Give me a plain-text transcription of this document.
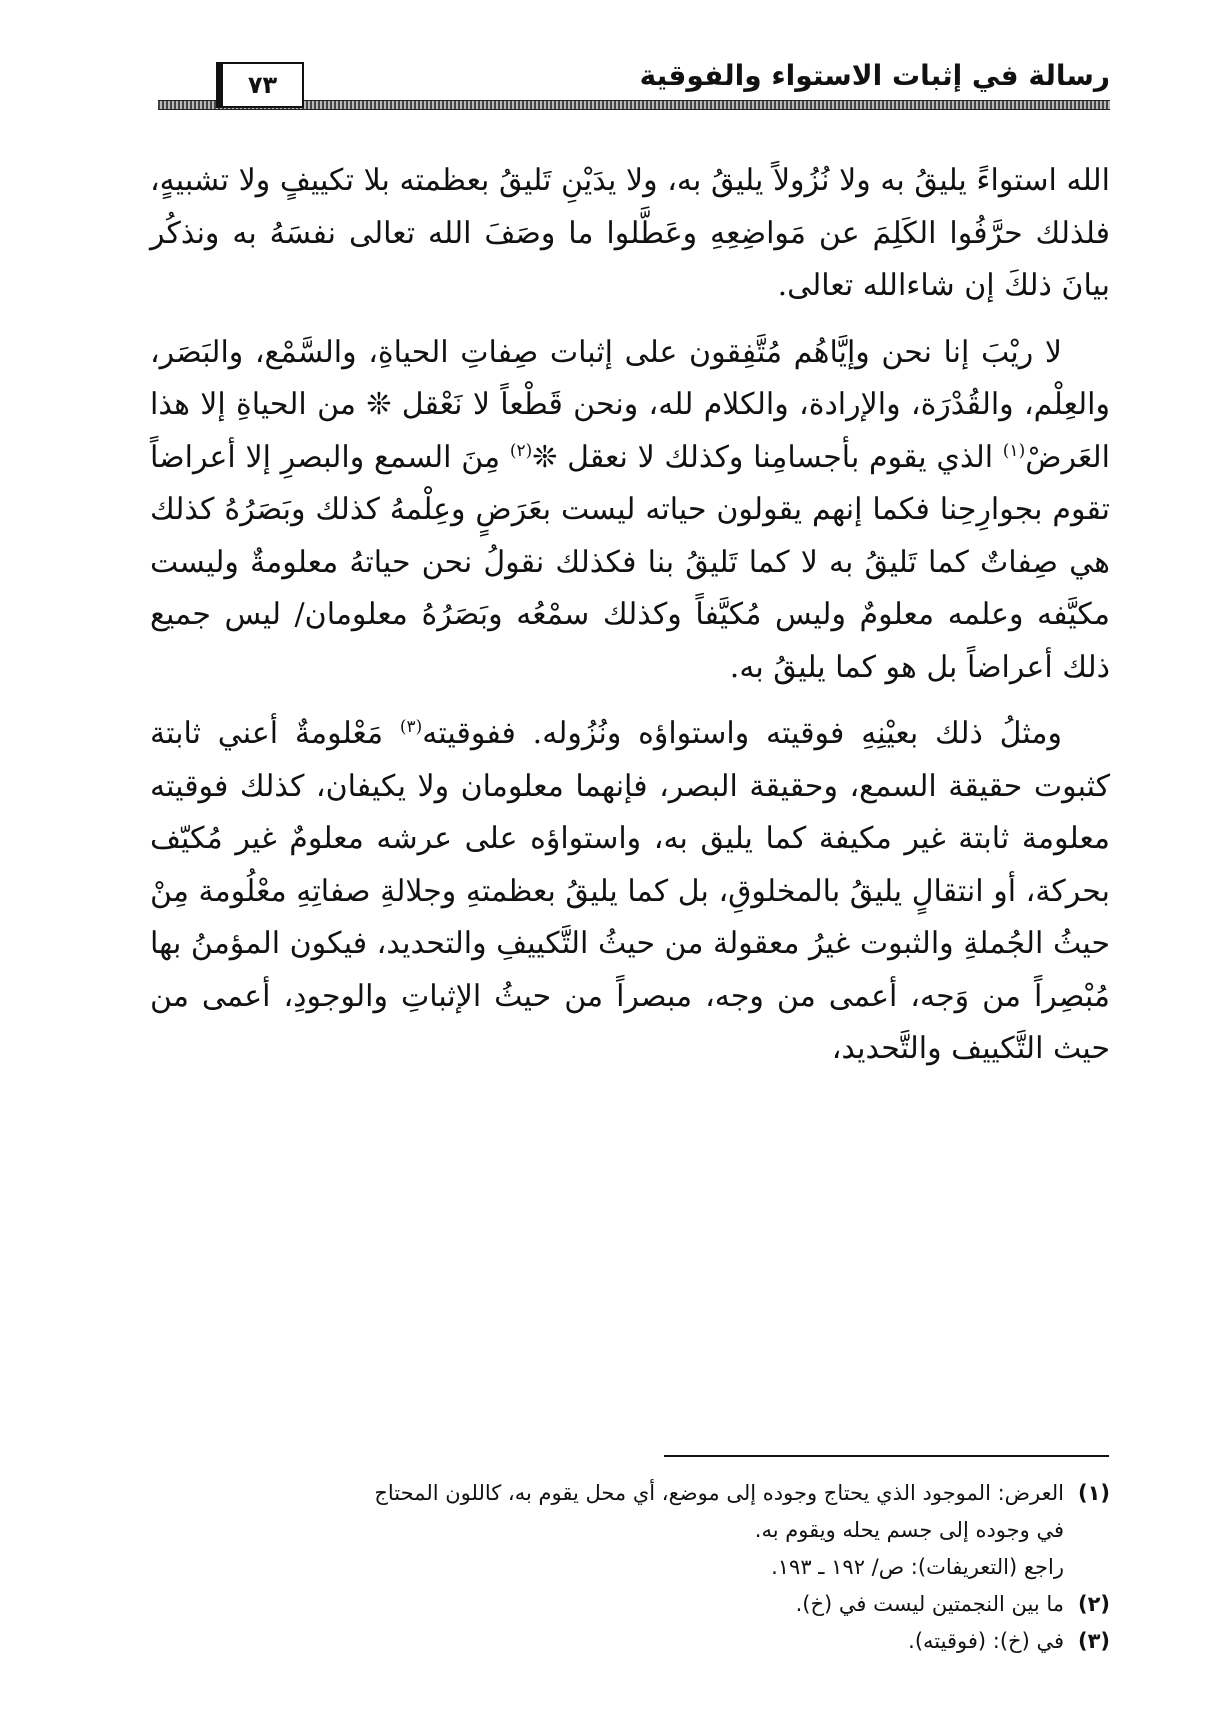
رسالة في إثبات الاستواء والفوقية
٧٣

الله استواءً يليقُ به ولا نُزُولاً يليقُ به، ولا يدَيْنِ تَليقُ بعظمته بلا تكييفٍ ولا تشبيهٍ، فلذلك حرَّفُوا الكَلِمَ عن مَواضِعِهِ وعَطَّلوا ما وصَفَ الله تعالى نفسَهُ به ونذكُر بيانَ ذلكَ إن شاءالله تعالى.

لا ريْبَ إنا نحن وإيَّاهُم مُتَّفِقون على إثبات صِفاتِ الحياةِ، والسَّمْع، والبَصَر، والعِلْم، والقُدْرَة، والإرادة، والكلام لله، ونحن قَطْعاً لا نَعْقل ❊ من الحياةِ إلا هذا العَرضْ$^{(١)}$ الذي يقوم بأجسامِنا وكذلك لا نعقل ❊$^{(٢)}$ مِنَ السمع والبصرِ إلا أعراضاً تقوم بجوارِحِنا فكما إنهم يقولون حياته ليست بعَرَضٍ وعِلْمهُ كذلك وبَصَرُهُ كذلك هي صِفاتٌ كما تَليقُ به لا كما تَليقُ بنا فكذلك نقولُ نحن حياتهُ معلومةٌ وليست مكيَّفه وعلمه معلومٌ وليس مُكيَّفاً وكذلك سمْعُه وبَصَرُهُ معلومان/ ليس جميع ذلك أعراضاً بل هو كما يليقُ به.

ومثلُ ذلك بعيْنِهِ فوقيته واستواؤه ونُزُوله. ففوقيته$^{(٣)}$ مَعْلومةٌ أعني ثابتة كثبوت حقيقة السمع، وحقيقة البصر، فإنهما معلومان ولا يكيفان، كذلك فوقيته معلومة ثابتة غير مكيفة كما يليق به، واستواؤه على عرشه معلومٌ غير مُكيّف بحركة، أو انتقالٍ يليقُ بالمخلوقِ، بل كما يليقُ بعظمتهِ وجلالةِ صفاتِهِ معْلُومة مِنْ حيثُ الجُملةِ والثبوت غيرُ معقولة من حيثُ التَّكييفِ والتحديد، فيكون المؤمنُ بها مُبْصِراً من وَجه، أعمى من وجه، مبصراً من حيثُ الإثباتِ والوجودِ، أعمى من حيث التَّكييف والتَّحديد،

(١)
العرض: الموجود الذي يحتاج وجوده إلى موضع، أي محل يقوم به، كاللون المحتاج
في وجوده إلى جسم يحله ويقوم به.
راجع (التعريفات): ص/ ١٩٢ ـ ١٩٣.
(٢)
ما بين النجمتين ليست في (خ).
(٣)
في (خ): (فوقيته).
